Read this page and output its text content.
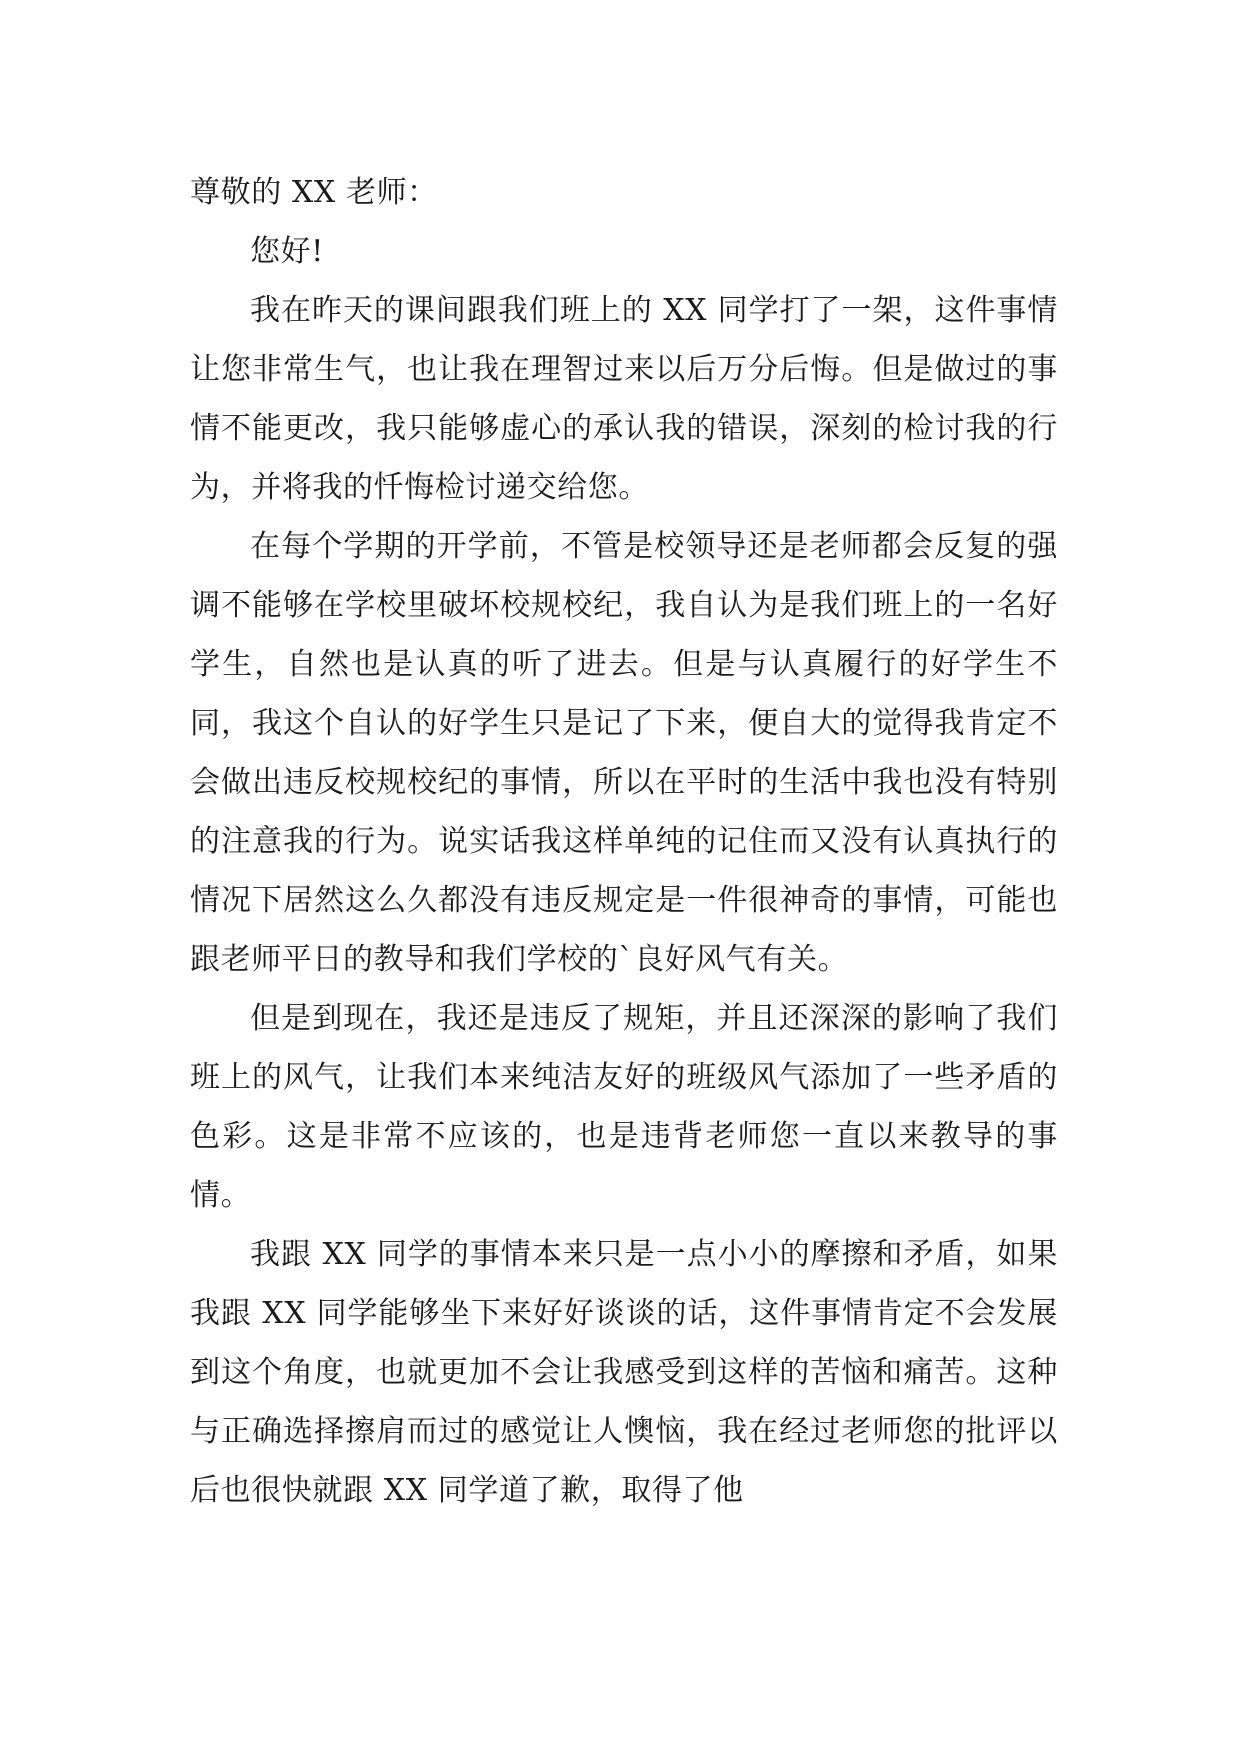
尊敬的 XX 老师：

您好!

我在昨天的课间跟我们班上的 XX 同学打了一架，这件事情让您非常生气，也让我在理智过来以后万分后悔。但是做过的事情不能更改，我只能够虚心的承认我的错误，深刻的检讨我的行为，并将我的忏悔检讨递交给您。

在每个学期的开学前，不管是校领导还是老师都会反复的强调不能够在学校里破坏校规校纪，我自认为是我们班上的一名好学生，自然也是认真的听了进去。但是与认真履行的好学生不同，我这个自认的好学生只是记了下来，便自大的觉得我肯定不会做出违反校规校纪的事情，所以在平时的生活中我也没有特别的注意我的行为。说实话我这样单纯的记住而又没有认真执行的情况下居然这么久都没有违反规定是一件很神奇的事情，可能也跟老师平日的教导和我们学校的`良好风气有关。

但是到现在，我还是违反了规矩，并且还深深的影响了我们班上的风气，让我们本来纯洁友好的班级风气添加了一些矛盾的色彩。这是非常不应该的，也是违背老师您一直以来教导的事情。

我跟 XX 同学的事情本来只是一点小小的摩擦和矛盾，如果我跟 XX 同学能够坐下来好好谈谈的话，这件事情肯定不会发展到这个角度，也就更加不会让我感受到这样的苦恼和痛苦。这种与正确选择擦肩而过的感觉让人懊恼，我在经过老师您的批评以后也很快就跟 XX 同学道了歉，取得了他
